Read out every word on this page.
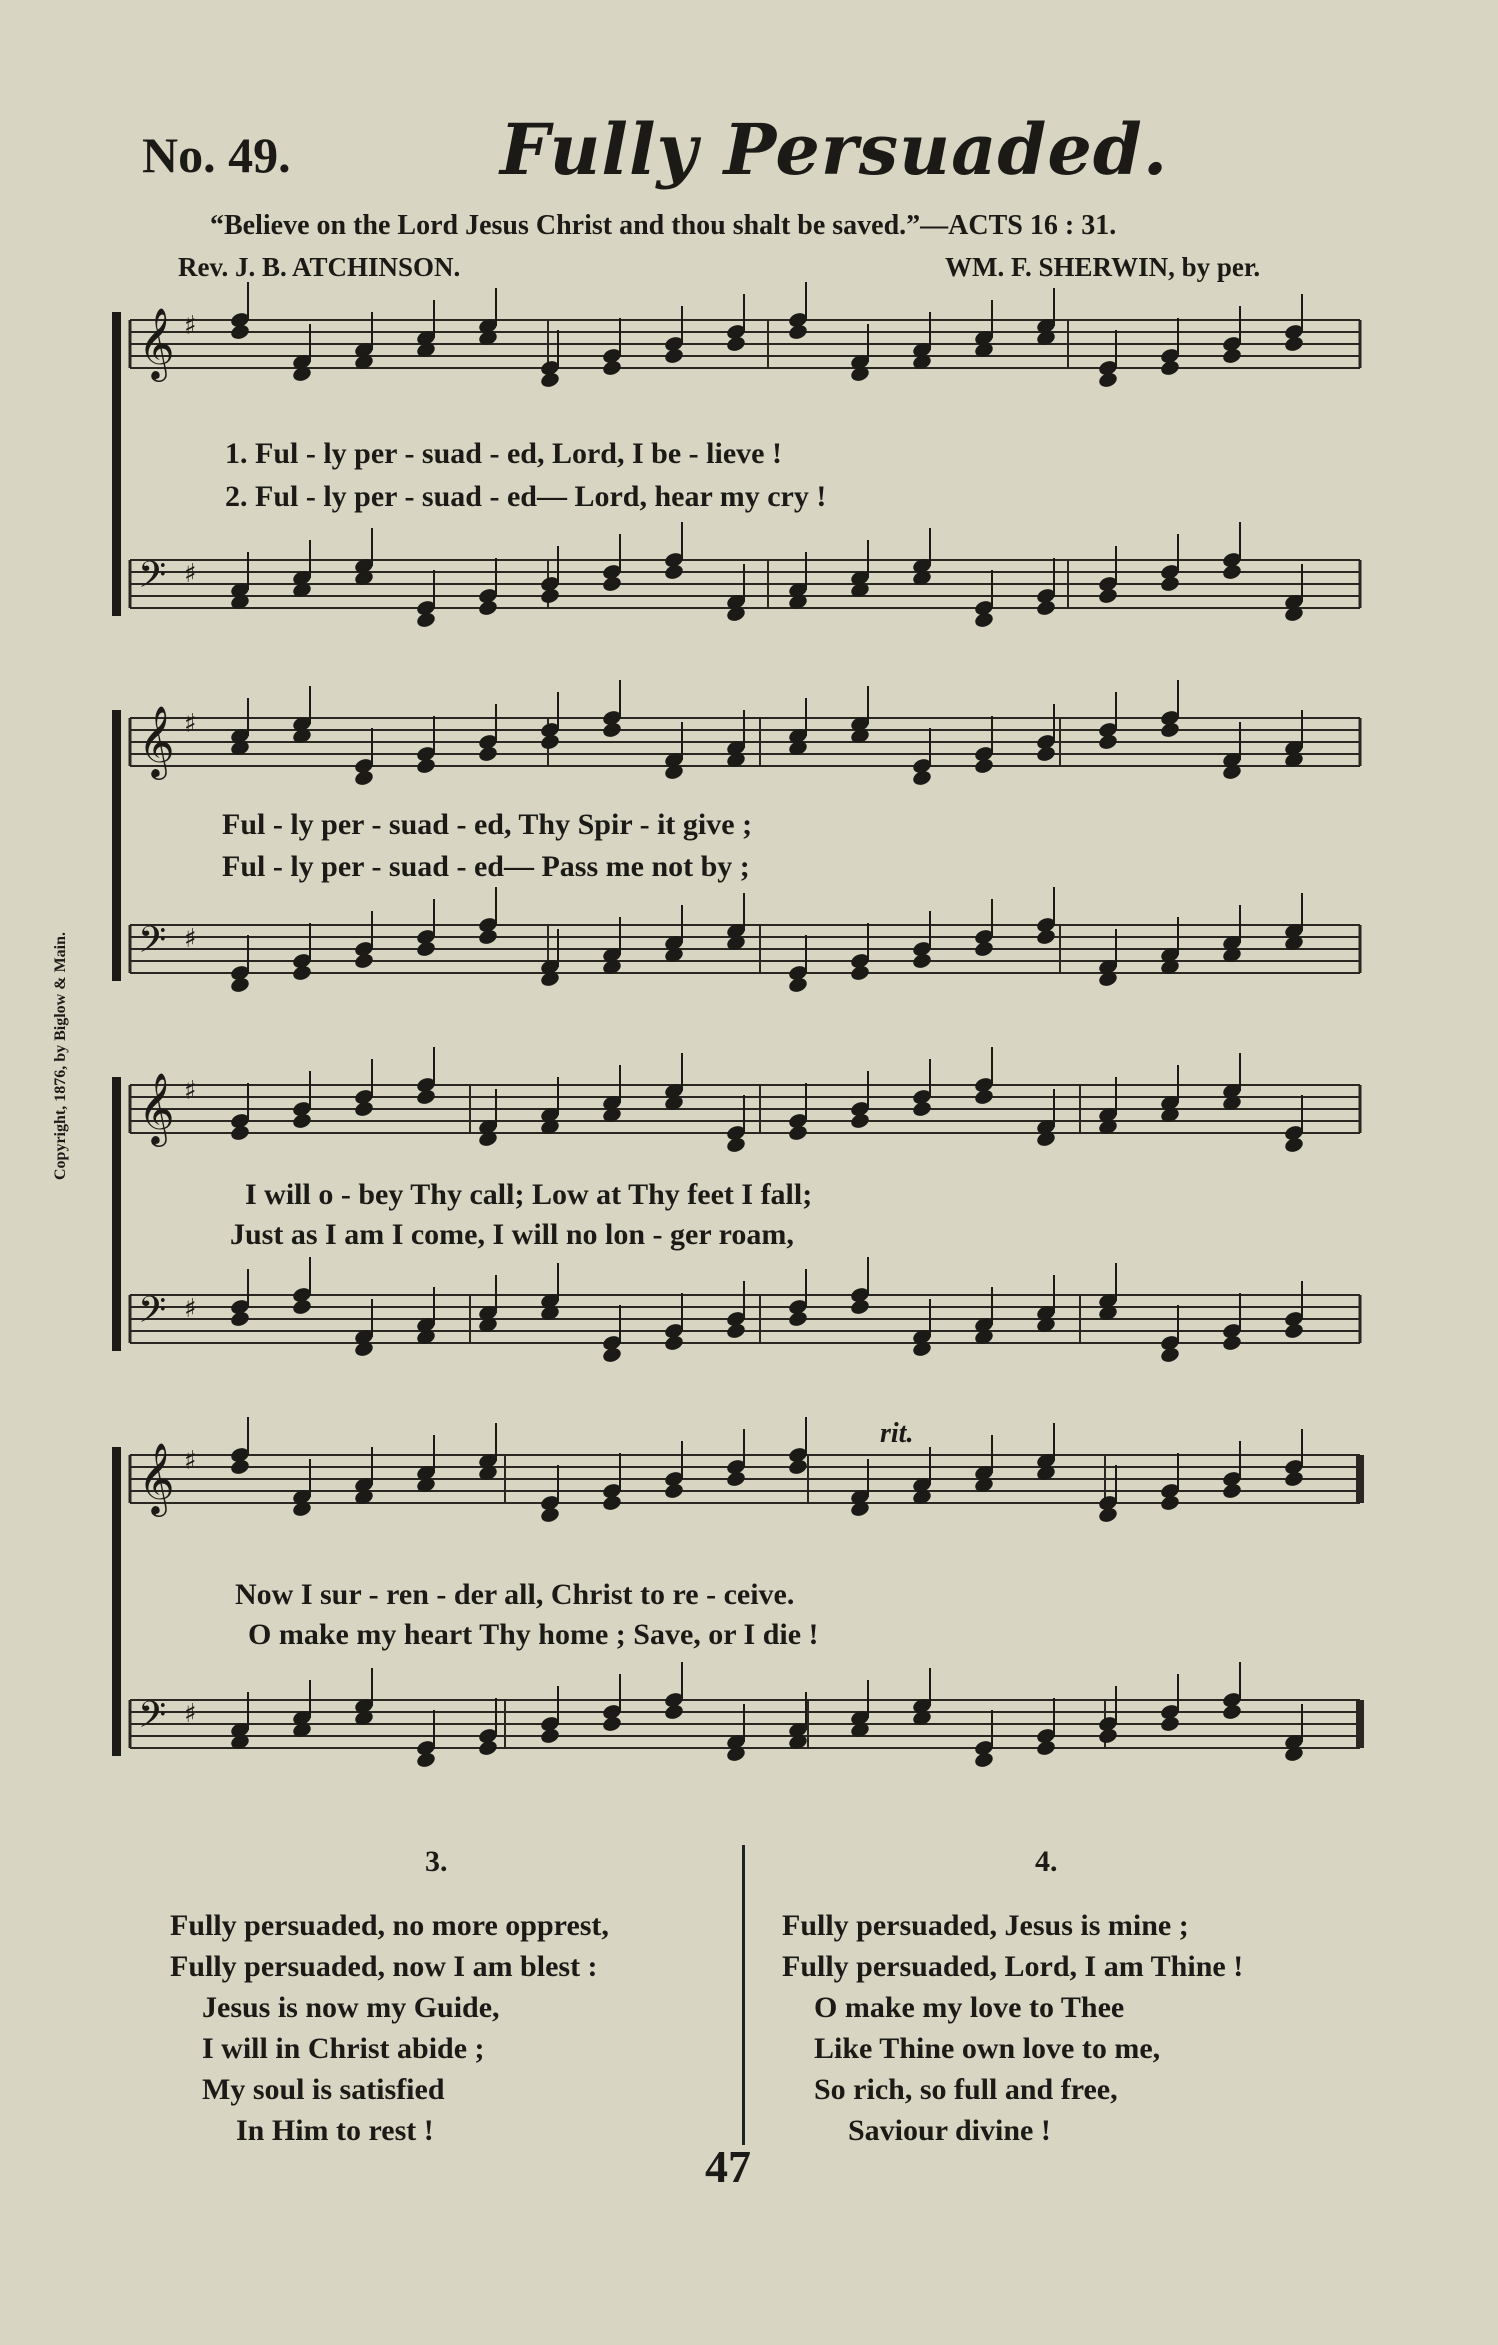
No. 49.	Fully Persuaded.
“Believe on the Lord Jesus Christ and thou shalt be saved.”—ACTS 16 : 31.
Rev. J. B. ATCHINSON.	WM. F. SHERWIN, by per.
Copyright, 1876, by Biglow & Main.
𝄞 ♯
𝄢 ♯
𝄞 ♯
𝄢 ♯
𝄞 ♯
𝄢 ♯
𝄞 ♯
𝄢 ♯
rit.
1. Ful - ly per - suad - ed, Lord, I be - lieve !
2. Ful - ly per - suad - ed— Lord, hear my cry !
Ful - ly per - suad - ed, Thy Spir - it give ;
Ful - ly per - suad - ed— Pass me not by ;
I will o - bey Thy call; Low at Thy feet I fall;
Just as I am I come, I will no lon - ger roam,
Now I sur - ren - der all, Christ to re - ceive.
O make my heart Thy home ; Save, or I die !
3.
Fully persuaded, no more opprest,
Fully persuaded, now I am blest :
Jesus is now my Guide,
I will in Christ abide ;
My soul is satisfied
In Him to rest !
4.
Fully persuaded, Jesus is mine ;
Fully persuaded, Lord, I am Thine !
O make my love to Thee
Like Thine own love to me,
So rich, so full and free,
Saviour divine !
47
